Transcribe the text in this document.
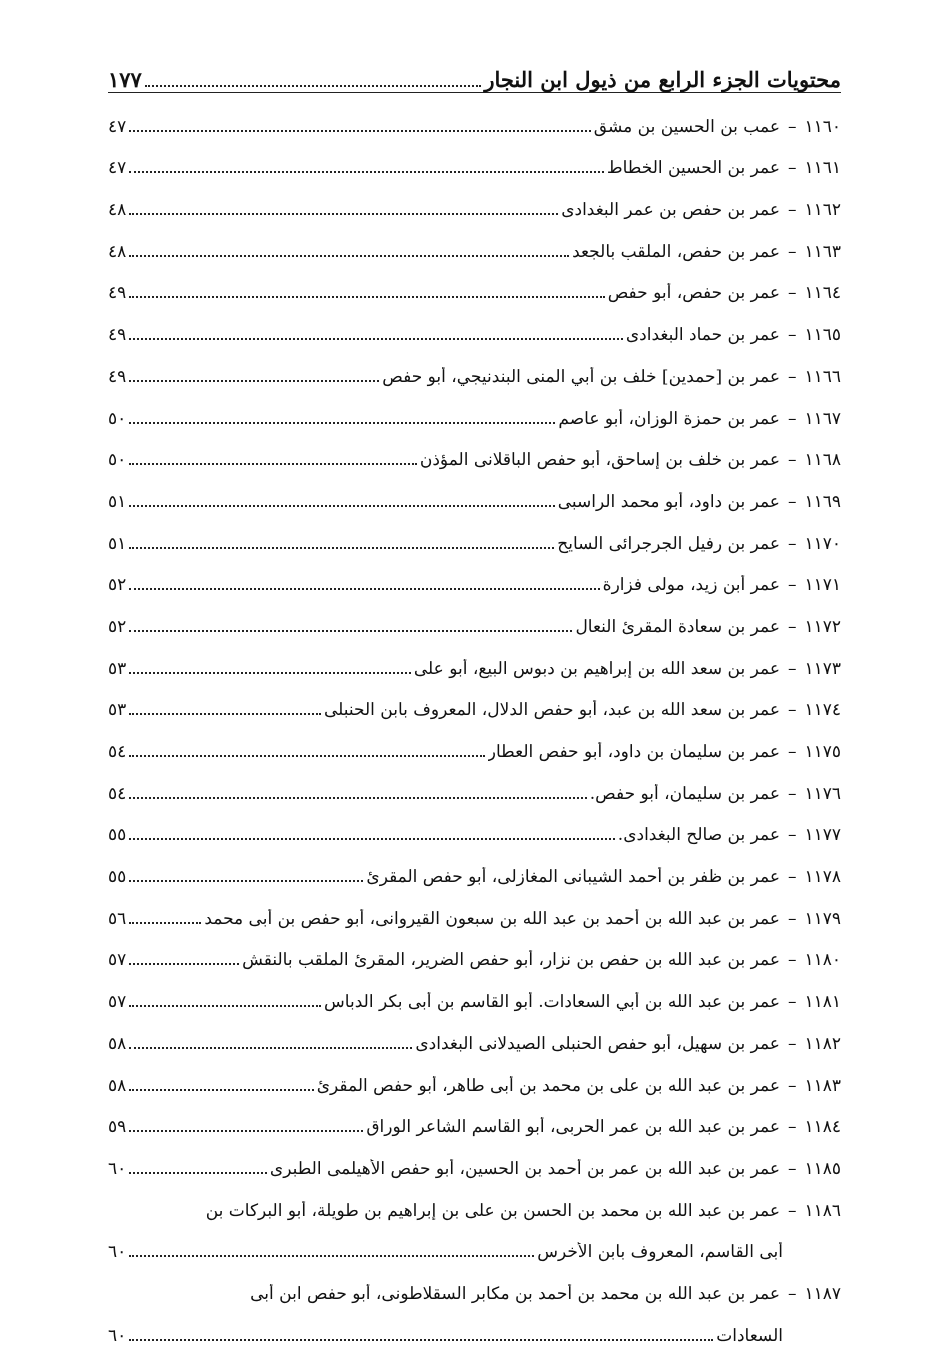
محتويات الجزء الرابع من ذيول ابن النجار
١٧٧
١١٦٠
–
عمب بن الحسين بن مشق
٤٧
١١٦١
–
عمر بن الحسين الخطاط
٤٧
١١٦٢
–
عمر بن حفص بن عمر البغدادى
٤٨
١١٦٣
–
عمر بن حفص، الملقب بالجعد
٤٨
١١٦٤
–
عمر بن حفص، أبو حفص
٤٩
١١٦٥
–
عمر بن حماد البغدادى
٤٩
١١٦٦
–
عمر بن [حمدين] خلف بن أبي المنى البندنيجي، أبو حفص
٤٩
١١٦٧
–
عمر بن حمزة الوزان، أبو عاصم
٥٠
١١٦٨
–
عمر بن خلف بن إساحق، أبو حفص الباقلانى المؤذن
٥٠
١١٦٩
–
عمر بن داود، أبو محمد الراسبى
٥١
١١٧٠
–
عمر بن رفيل الجرجرائى السايح
٥١
١١٧١
–
عمر أبن زيد، مولى فزارة
٥٢
١١٧٢
–
عمر بن سعادة المقرئ النعال
٥٢
١١٧٣
–
عمر بن سعد الله بن إبراهيم بن دبوس البيع، أبو على
٥٣
١١٧٤
–
عمر بن سعد الله بن عبد، أبو حفص الدلال، المعروف بابن الحنبلى
٥٣
١١٧٥
–
عمر بن سليمان بن داود، أبو حفص العطار
٥٤
١١٧٦
–
عمر بن سليمان، أبو حفص.
٥٤
١١٧٧
–
عمر بن صالح البغدادى.
٥٥
١١٧٨
–
عمر بن ظفر بن أحمد الشيبانى المغازلى، أبو حفص المقرئ
٥٥
١١٧٩
–
عمر بن عبد الله بن أحمد بن عبد الله بن سبعون القيروانى، أبو حفص بن أبى محمد
٥٦
١١٨٠
–
عمر بن عبد الله بن حفص بن نزار، أبو حفص الضرير، المقرئ الملقب بالنقش
٥٧
١١٨١
–
عمر بن عبد الله بن أبي السعادات. أبو القاسم بن أبى بكر الدباس
٥٧
١١٨٢
–
عمر بن سهيل، أبو حفص الحنبلى الصيدلانى البغدادى
٥٨
١١٨٣
–
عمر بن عبد الله بن على بن محمد بن أبى طاهر، أبو حفص المقرئ
٥٨
١١٨٤
–
عمر بن عبد الله بن عمر الحربى، أبو القاسم الشاعر الوراق
٥٩
١١٨٥
–
عمر بن عبد الله بن عمر بن أحمد بن الحسين، أبو حفص الأهيلمى الطبرى
٦٠
١١٨٦
–
عمر بن عبد الله بن محمد بن الحسن بن على بن إبراهيم بن طويلة، أبو البركات بن
أبى القاسم، المعروف بابن الأخرس
٦٠
١١٨٧
–
عمر بن عبد الله بن محمد بن أحمد بن مكابر السقلاطونى، أبو حفص ابن أبى
السعادات
٦٠
